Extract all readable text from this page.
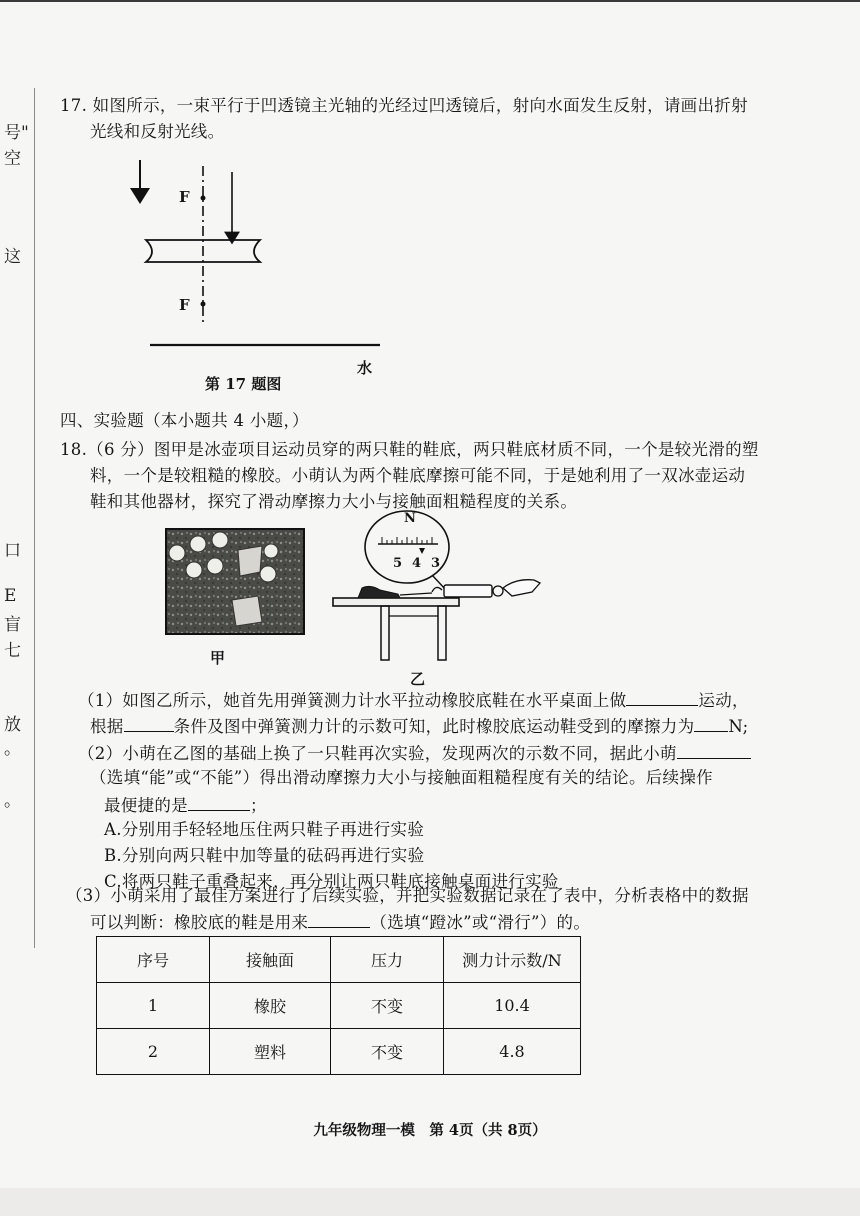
号"
空
这
口
E
盲
七
放
。
。
17. 如图所示，一束平行于凹透镜主光轴的光经过凹透镜后，射向水面发生反射，请画出折射
光线和反射光线。
F
F
水
第 17 题图
四、实验题（本小题共 4 小题，）
18.（6 分）图甲是冰壶项目运动员穿的两只鞋的鞋底，两只鞋底材质不同，一个是较光滑的塑
料，一个是较粗糙的橡胶。小萌认为两个鞋底摩擦可能不同，于是她利用了一双冰壶运动
鞋和其他器材，探究了滑动摩擦力大小与接触面粗糙程度的关系。
甲
N
5 4 3
乙
（1）如图乙所示，她首先用弹簧测力计水平拉动橡胶底鞋在水平桌面上做	运动，
根据	条件及图中弹簧测力计的示数可知，此时橡胶底运动鞋受到的摩擦力为 N;
（2）小萌在乙图的基础上换了一只鞋再次实验，发现两次的示数不同，据此小萌
（选填“能”或“不能”）得出滑动摩擦力大小与接触面粗糙程度有关的结论。后续操作
最便捷的是	；
A.分别用手轻轻地压住两只鞋子再进行实验
B.分别向两只鞋中加等量的砝码再进行实验
C.将两只鞋子重叠起来，再分别让两只鞋底接触桌面进行实验
（3）小萌采用了最佳方案进行了后续实验，并把实验数据记录在了表中，分析表格中的数据
可以判断：橡胶底的鞋是用来	（选填“蹬冰”或“滑行”）的。
序号	接触面	压力	测力计示数/N
1	橡胶	不变	10.4
2	塑料	不变	4.8
九年级物理一模　第 4页（共 8页）
